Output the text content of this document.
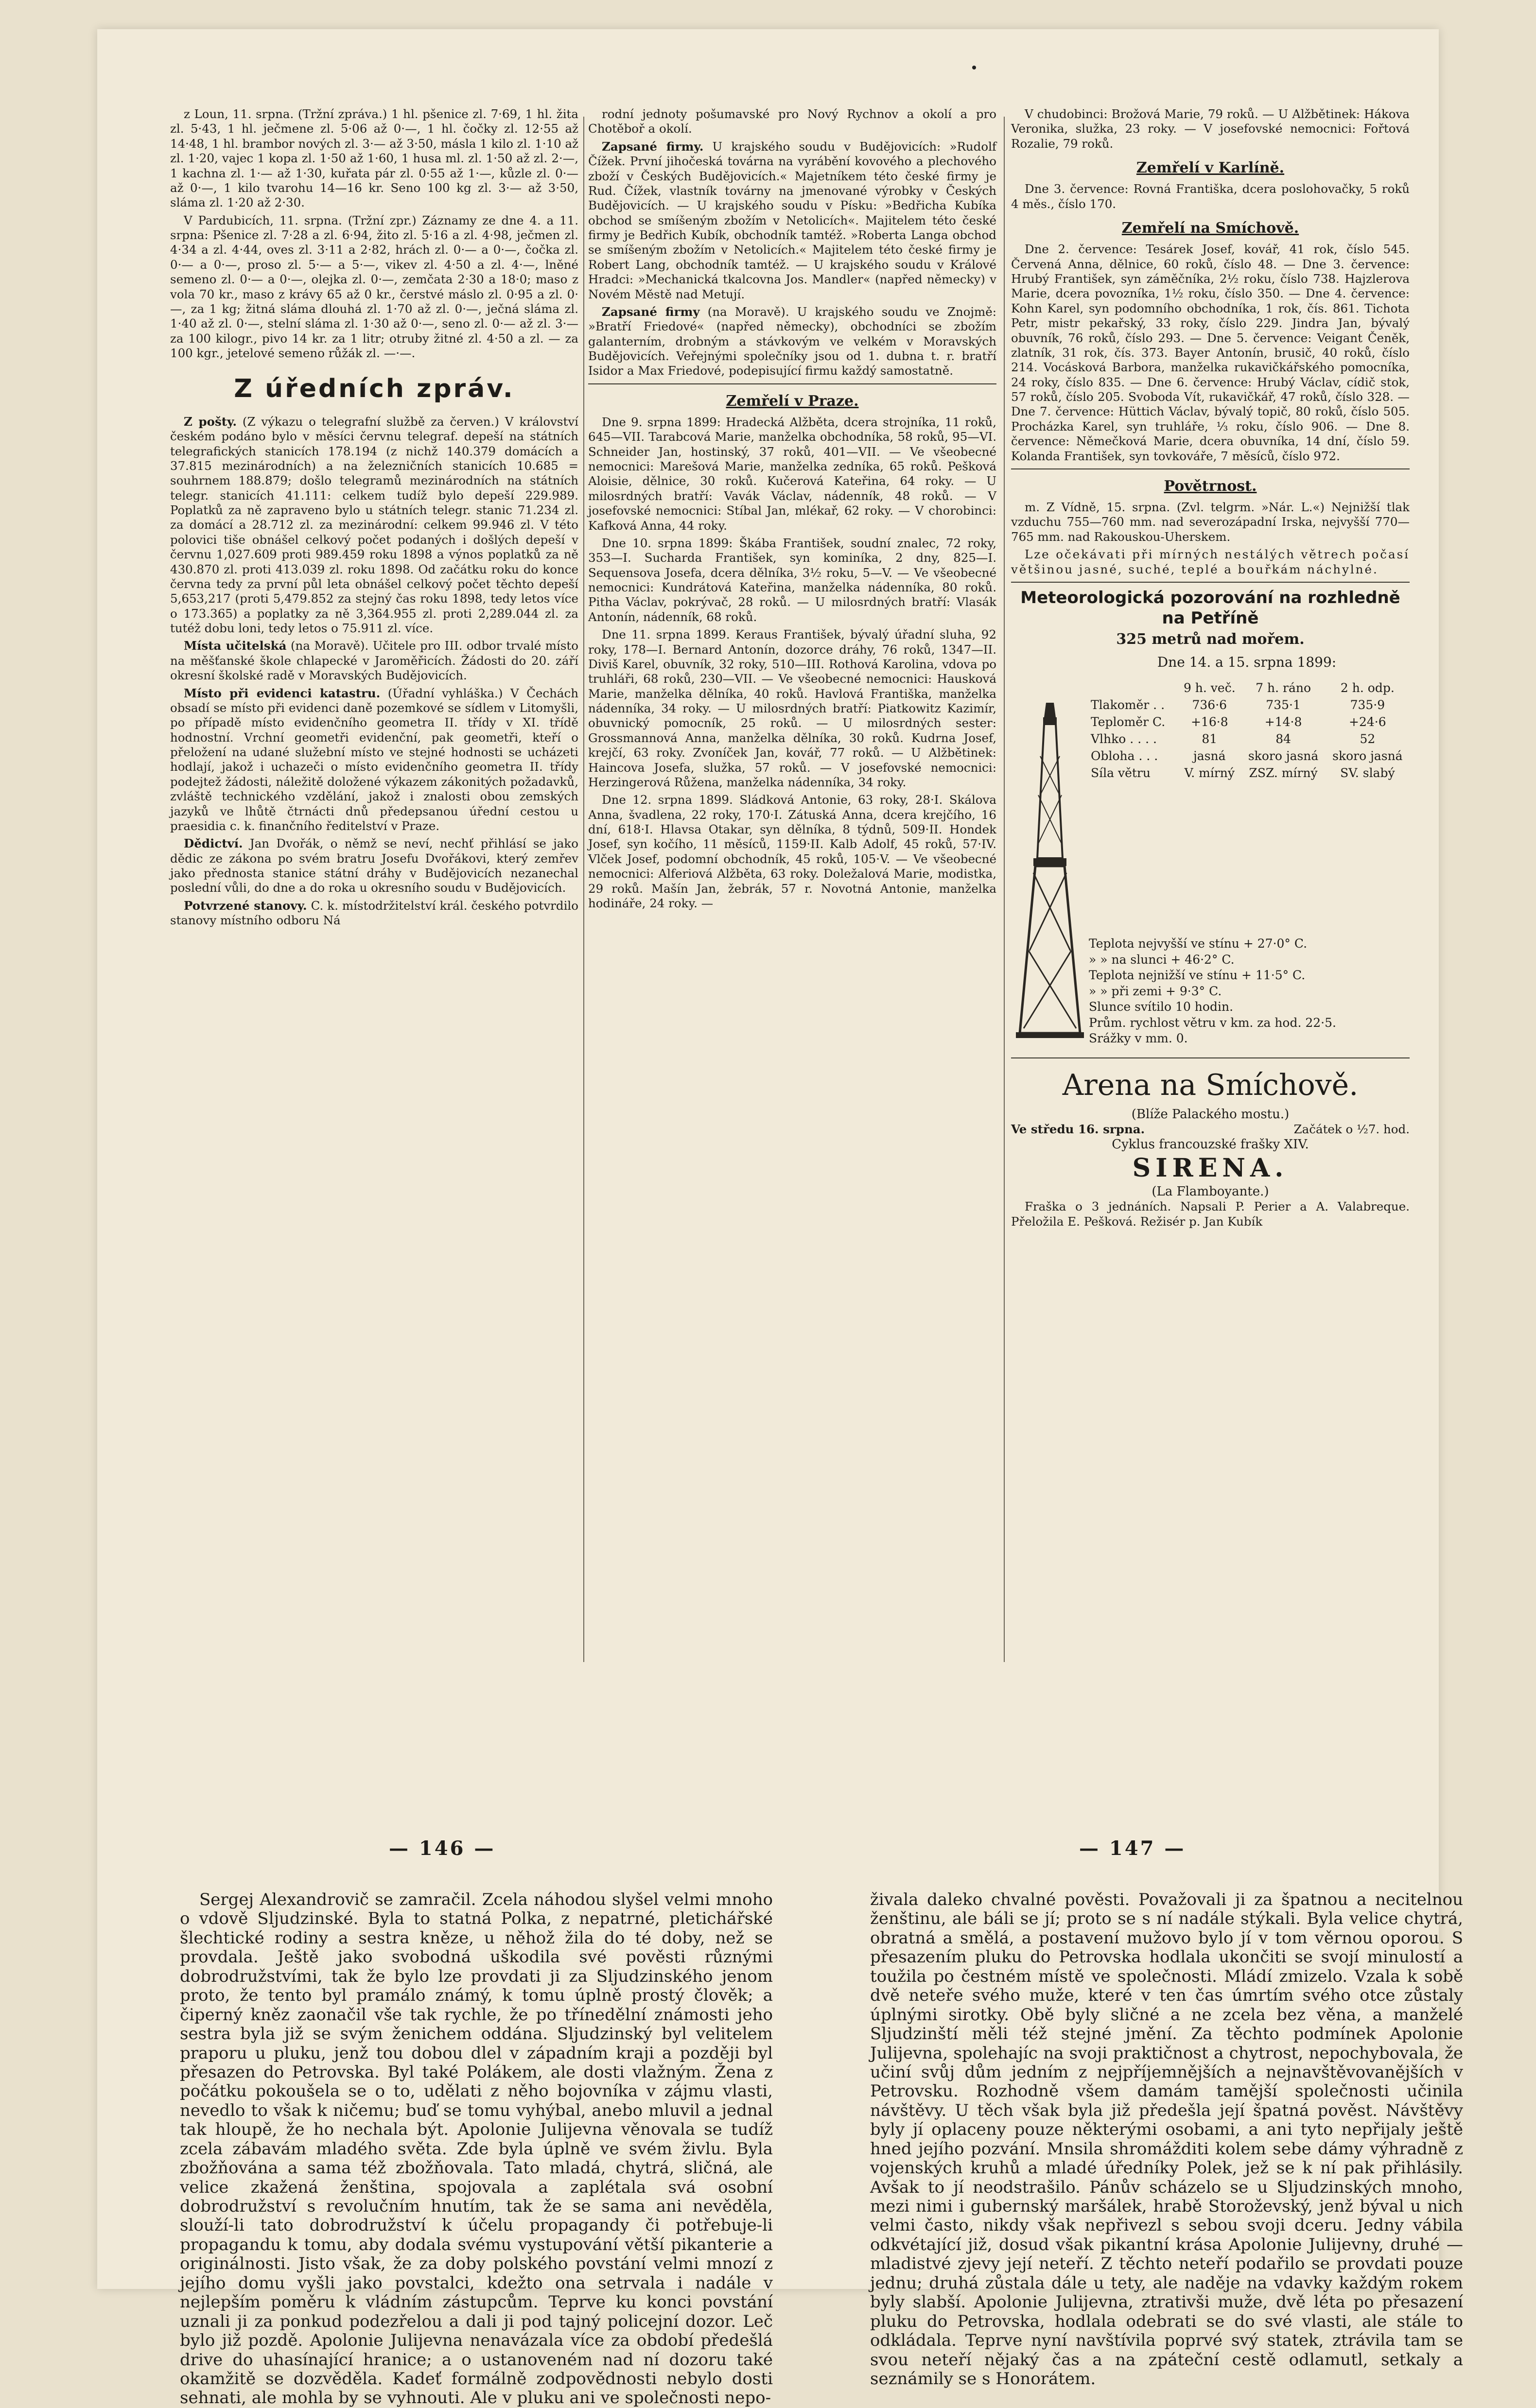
z Loun, 11. srpna. (Tržní zpráva.) 1 hl. pšenice zl. 7·69, 1 hl. žita zl. 5·43, 1 hl. ječmene zl. 5·06 až 0·—, 1 hl. čočky zl. 12·55 až 14·48, 1 hl. brambor nových zl. 3·— až 3·50, másla 1 kilo zl. 1·10 až zl. 1·20, vajec 1 kopa zl. 1·50 až 1·60, 1 husa ml. zl. 1·50 až zl. 2·—, 1 kachna zl. 1·— až 1·30, kuřata pár zl. 0·55 až 1·—, kůzle zl. 0·— až 0·—, 1 kilo tvarohu 14—16 kr. Seno 100 kg zl. 3·— až 3·50, sláma zl. 1·20 až 2·30.

V Pardubicích, 11. srpna. (Tržní zpr.) Záznamy ze dne 4. a 11. srpna: Pšenice zl. 7·28 a zl. 6·94, žito zl. 5·16 a zl. 4·98, ječmen zl. 4·34 a zl. 4·44, oves zl. 3·11 a 2·82, hrách zl. 0·— a 0·—, čočka zl. 0·— a 0·—, proso zl. 5·— a 5·—, vikev zl. 4·50 a zl. 4·—, lněné semeno zl. 0·— a 0·—, olejka zl. 0·—, zemčata 2·30 a 18·0; maso z vola 70 kr., maso z krávy 65 až 0 kr., čerstvé máslo zl. 0·95 a zl. 0·—, za 1 kg; žitná sláma dlouhá zl. 1·70 až zl. 0·—, ječná sláma zl. 1·40 až zl. 0·—, stelní sláma zl. 1·30 až 0·—, seno zl. 0·— až zl. 3·— za 100 kilogr., pivo 14 kr. za 1 litr; otruby žitné zl. 4·50 a zl. — za 100 kgr., jetelové semeno růžák zl. —·—.

Z úředních zpráv.

Z pošty. (Z výkazu o telegrafní službě za červen.) V království českém podáno bylo v měsíci červnu telegraf. depeší na státních telegrafických stanicích 178.194 (z nichž 140.379 domácích a 37.815 mezinárodních) a na železničních stanicích 10.685 = souhrnem 188.879; došlo telegramů mezinárodních na státních telegr. stanicích 41.111: celkem tudíž bylo depeší 229.989. Poplatků za ně zapraveno bylo u státních telegr. stanic 71.234 zl. za domácí a 28.712 zl. za mezinárodní: celkem 99.946 zl. V této polovici tiše obnášel celkový počet podaných i došlých depeší v červnu 1,027.609 proti 989.459 roku 1898 a výnos poplatků za ně 430.870 zl. proti 413.039 zl. roku 1898. Od začátku roku do konce června tedy za první půl leta obnášel celkový počet těchto depeší 5,653,217 (proti 5,479.852 za stejný čas roku 1898, tedy letos více o 173.365) a poplatky za ně 3,364.955 zl. proti 2,289.044 zl. za tutéž dobu loni, tedy letos o 75.911 zl. více.

Místa učitelská (na Moravě). Učitele pro III. odbor trvalé místo na měšťanské škole chlapecké v Jaroměřicích. Žádosti do 20. září okresní školské radě v Moravských Budějovicích.

Místo při evidenci katastru. (Úřadní vyhláška.) V Čechách obsadí se místo při evidenci daně pozemkové se sídlem v Litomyšli, po případě místo evidenčního geometra II. třídy v XI. třídě hodnostní. Vrchní geometři evidenční, pak geometři, kteří o přeložení na udané služební místo ve stejné hodnosti se ucházeti hodlají, jakož i uchazeči o místo evidenčního geometra II. třídy podejtež žádosti, náležitě doložené výkazem zákonitých požadavků, zvláště technického vzdělání, jakož i znalosti obou zemských jazyků ve lhůtě čtrnácti dnů předepsanou úřední cestou u praesidia c. k. finančního ředitelství v Praze.

Dědictví. Jan Dvořák, o němž se neví, nechť přihlásí se jako dědic ze zákona po svém bratru Josefu Dvořákovi, který zemřev jako přednosta stanice státní dráhy v Budějovicích nezanechal poslední vůli, do dne a do roka u okresního soudu v Budějovicích.

Potvrzené stanovy. C. k. místodržitelství král. českého potvrdilo stanovy místního odboru Ná

rodní jednoty pošumavské pro Nový Rychnov a okolí a pro Chotěboř a okolí.

Zapsané firmy. U krajského soudu v Budějovicích: »Rudolf Čížek. První jihočeská továrna na vyrábění kovového a plechového zboží v Českých Budějovicích.« Majetníkem této české firmy je Rud. Čížek, vlastník továrny na jmenované výrobky v Českých Budějovicích. — U krajského soudu v Písku: »Bedřicha Kubíka obchod se smíšeným zbožím v Netolicích«. Majitelem této české firmy je Bedřich Kubík, obchodník tamtéž. »Roberta Langa obchod se smíšeným zbožím v Netolicích.« Majitelem této české firmy je Robert Lang, obchodník tamtéž. — U krajského soudu v Králové Hradci: »Mechanická tkalcovna Jos. Mandler« (napřed německy) v Novém Městě nad Metují.

Zapsané firmy (na Moravě). U krajského soudu ve Znojmě: »Bratří Friedové« (napřed německy), obchodníci se zbožím galanterním, drobným a stávkovým ve velkém v Moravských Budějovicích. Veřejnými společníky jsou od 1. dubna t. r. bratří Isidor a Max Friedové, podepisující firmu každý samostatně.

Zemřelí v Praze.

Dne 9. srpna 1899: Hradecká Alžběta, dcera strojníka, 11 roků, 645—VII. Tarabcová Marie, manželka obchodníka, 58 roků, 95—VI. Schneider Jan, hostinský, 37 roků, 401—VII. — Ve všeobecné nemocnici: Marešová Marie, manželka zedníka, 65 roků. Pešková Aloisie, dělnice, 30 roků. Kučerová Kateřina, 64 roky. — U milosrdných bratří: Vavák Václav, nádenník, 48 roků. — V josefovské nemocnici: Stíbal Jan, mlékař, 62 roky. — V chorobinci: Kafková Anna, 44 roky.

Dne 10. srpna 1899: Škába František, soudní znalec, 72 roky, 353—I. Sucharda František, syn kominíka, 2 dny, 825—I. Sequensova Josefa, dcera dělníka, 3½ roku, 5—V. — Ve všeobecné nemocnici: Kundrátová Kateřina, manželka nádenníka, 80 roků. Pitha Václav, pokrývač, 28 roků. — U milosrdných bratří: Vlasák Antonín, nádenník, 68 roků.

Dne 11. srpna 1899. Keraus František, bývalý úřadní sluha, 92 roky, 178—I. Bernard Antonín, dozorce dráhy, 76 roků, 1347—II. Diviš Karel, obuvník, 32 roky, 510—III. Rothová Karolina, vdova po truhláři, 68 roků, 230—VII. — Ve všeobecné nemocnici: Hausková Marie, manželka dělníka, 40 roků. Havlová Františka, manželka nádenníka, 34 roky. — U milosrdných bratří: Piatkowitz Kazimír, obuvnický pomocník, 25 roků. — U milosrdných sester: Grossmannová Anna, manželka dělníka, 30 roků. Kudrna Josef, krejčí, 63 roky. Zvoníček Jan, kovář, 77 roků. — U Alžbětinek: Haincova Josefa, služka, 57 roků. — V josefovské nemocnici: Herzingerová Růžena, manželka nádenníka, 34 roky.

Dne 12. srpna 1899. Sládková Antonie, 63 roky, 28·I. Skálova Anna, švadlena, 22 roky, 170·I. Zátuská Anna, dcera krejčího, 16 dní, 618·I. Hlavsa Otakar, syn dělníka, 8 týdnů, 509·II. Hondek Josef, syn kočího, 11 měsíců, 1159·II. Kalb Adolf, 45 roků, 57·IV. Vlček Josef, podomní obchodník, 45 roků, 105·V. — Ve všeobecné nemocnici: Alferiová Alžběta, 63 roky. Doležalová Marie, modistka, 29 roků. Mašín Jan, žebrák, 57 r. Novotná Antonie, manželka hodináře, 24 roky. —

V chudobinci: Brožová Marie, 79 roků. — U Alžbětinek: Hákova Veronika, služka, 23 roky. — V josefovské nemocnici: Fořtová Rozalie, 79 roků.

Zemřelí v Karlíně.

Dne 3. července: Rovná Františka, dcera poslohovačky, 5 roků 4 měs., číslo 170.

Zemřelí na Smíchově.

Dne 2. července: Tesárek Josef, kovář, 41 rok, číslo 545. Červená Anna, dělnice, 60 roků, číslo 48. — Dne 3. července: Hrubý František, syn záměčníka, 2½ roku, číslo 738. Hajzlerova Marie, dcera povozníka, 1½ roku, číslo 350. — Dne 4. července: Kohn Karel, syn podomního obchodníka, 1 rok, čís. 861. Tichota Petr, mistr pekařský, 33 roky, číslo 229. Jindra Jan, bývalý obuvník, 76 roků, číslo 293. — Dne 5. července: Veigant Čeněk, zlatník, 31 rok, čís. 373. Bayer Antonín, brusič, 40 roků, číslo 214. Vocásková Barbora, manželka rukavičkářského pomocníka, 24 roky, číslo 835. — Dne 6. července: Hrubý Václav, cídič stok, 57 roků, číslo 205. Svoboda Vít, rukavičkář, 47 roků, číslo 328. — Dne 7. července: Hüttich Václav, bývalý topič, 80 roků, číslo 505. Procházka Karel, syn truhláře, ⅓ roku, číslo 906. — Dne 8. července: Němečková Marie, dcera obuvníka, 14 dní, číslo 59. Kolanda František, syn tovkováře, 7 měsíců, číslo 972.

Povětrnost.

m. Z Vídně, 15. srpna. (Zvl. telgrm. »Nár. L.«) Nejnižší tlak vzduchu 755—760 mm. nad severozápadní Irska, nejvyšší 770—765 mm. nad Rakouskou-Uherskem.

Lze očekávati při mírných nestálých větrech počasí většinou jasné, suché, teplé a bouřkám náchylné.

Meteorologická pozorování na rozhledně na Petříně
325 metrů nad mořem.
Dne 14. a 15. srpna 1899:
	9 h. več.	7 h. ráno	2 h. odp.
Tlakoměr . .	736·6	735·1	735·9
Teploměr C.	+16·8	+14·8	+24·6
Vlhko . . . .	81	84	52
Obloha . . .	jasná	skoro jasná	skoro jasná
Síla větru	V. mírný	ZSZ. mírný	SV. slabý
Teplota nejvyšší ve stínu + 27·0° C.
» » na slunci + 46·2° C.
Teplota nejnižší ve stínu + 11·5° C.
» » při zemi + 9·3° C.
Slunce svítilo 10 hodin.
Prům. rychlost větru v km. za hod. 22·5.
Srážky v mm. 0.
Arena na Smíchově.
(Blíže Palackého mostu.)
Ve středu 16. srpna.	Začátek o ½7. hod.
Cyklus francouzské frašky XIV.
SIRENA.
(La Flamboyante.)

Fraška o 3 jednáních. Napsali P. Perier a A. Valabreque. Přeložila E. Pešková. Režisér p. Jan Kubík

— 146 —	— 147 —

Sergej Alexandrovič se zamračil. Zcela náhodou slyšel velmi mnoho o vdově Sljudzinské. Byla to statná Polka, z nepatrné, pletichářské šlechtické rodiny a sestra kněze, u něhož žila do té doby, než se provdala. Ještě jako svobodná uškodila své pověsti různými dobrodružstvími, tak že bylo lze provdati ji za Sljudzinského jenom proto, že tento byl pramálo známý, k tomu úplně prostý člověk; a čiperný kněz zaonačil vše tak rychle, že po třínedělní známosti jeho sestra byla již se svým ženichem oddána. Sljudzinský byl velitelem praporu u pluku, jenž tou dobou dlel v západním kraji a později byl přesazen do Petrovska. Byl také Polákem, ale dosti vlažným. Žena z počátku pokoušela se o to, udělati z něho bojovníka v zájmu vlasti, nevedlo to však k ničemu; buď se tomu vyhýbal, anebo mluvil a jednal tak hloupě, že ho nechala být. Apolonie Julijevna věnovala se tudíž zcela zábavám mladého světa. Zde byla úplně ve svém živlu. Byla zbožňována a sama též zbožňovala. Tato mladá, chytrá, sličná, ale velice zkažená ženština, spojovala a zaplétala svá osobní dobrodružství s revolučním hnutím, tak že se sama ani nevěděla, slouží-li tato dobrodružství k účelu propagandy či potřebuje-li propagandu k tomu, aby dodala svému vystupování větší pikanterie a originálnosti. Jisto však, že za doby polského povstání velmi mnozí z jejího domu vyšli jako povstalci, kdežto ona setrvala i nadále v nejlepším poměru k vládním zástupcům. Teprve ku konci povstání uznali ji za ponkud podezřelou a dali ji pod tajný policejní dozor. Leč bylo již pozdě. Apolonie Julijevna nenavázala více za období předešlá drive do uhasínající hranice; a o ustanoveném nad ní dozoru také okamžitě se dozvěděla. Kadeť formálně zodpovědnosti nebylo dosti sehnati, ale mohla by se vyhnouti. Ale v pluku ani ve společnosti nepo-

živala daleko chvalné pověsti. Považovali ji za špatnou a necitelnou ženštinu, ale báli se jí; proto se s ní nadále stýkali. Byla velice chytrá, obratná a smělá, a postavení mužovo bylo jí v tom věrnou oporou. S přesazením pluku do Petrovska hodlala ukončiti se svojí minulostí a toužila po čestném místě ve společnosti. Mládí zmizelo. Vzala k sobě dvě neteře svého muže, které v ten čas úmrtím svého otce zůstaly úplnými sirotky. Obě byly sličné a ne zcela bez věna, a manželé Sljudzinští měli též stejné jmění. Za těchto podmínek Apolonie Julijevna, spolehajíc na svoji praktičnost a chytrost, nepochybovala, že učiní svůj dům jedním z nejpříjemnějších a nejnavštěvovanějších v Petrovsku. Rozhodně všem damám tamější společnosti učinila návštěvy. U těch však byla již předešla její špatná pověst. Návštěvy byly jí oplaceny pouze některými osobami, a ani tyto nepřijaly ještě hned jejího pozvání. Mnsila shromážditi kolem sebe dámy výhradně z vojenských kruhů a mladé úředníky Polek, jež se k ní pak přihlásily. Avšak to jí neodstrašilo. Pánův scházelo se u Sljudzinských mnoho, mezi nimi i gubernský maršálek, hrabě Storoževský, jenž býval u nich velmi často, nikdy však nepřivezl s sebou svoji dceru. Jedny vábila odkvétající již, dosud však pikantní krása Apolonie Julijevny, druhé — mladistvé zjevy její neteří. Z těchto neteří podařilo se provdati pouze jednu; druhá zůstala dále u tety, ale naděje na vdavky každým rokem byly slabší. Apolonie Julijevna, ztrativši muže, dvě léta po přesazení pluku do Petrovska, hodlala odebrati se do své vlasti, ale stále to odkládala. Teprve nyní navštívila poprvé svý statek, ztrávila tam se svou neteří nějaký čas a na zpáteční cestě odlamutl, setkaly a seznámily se s Honorátem.
